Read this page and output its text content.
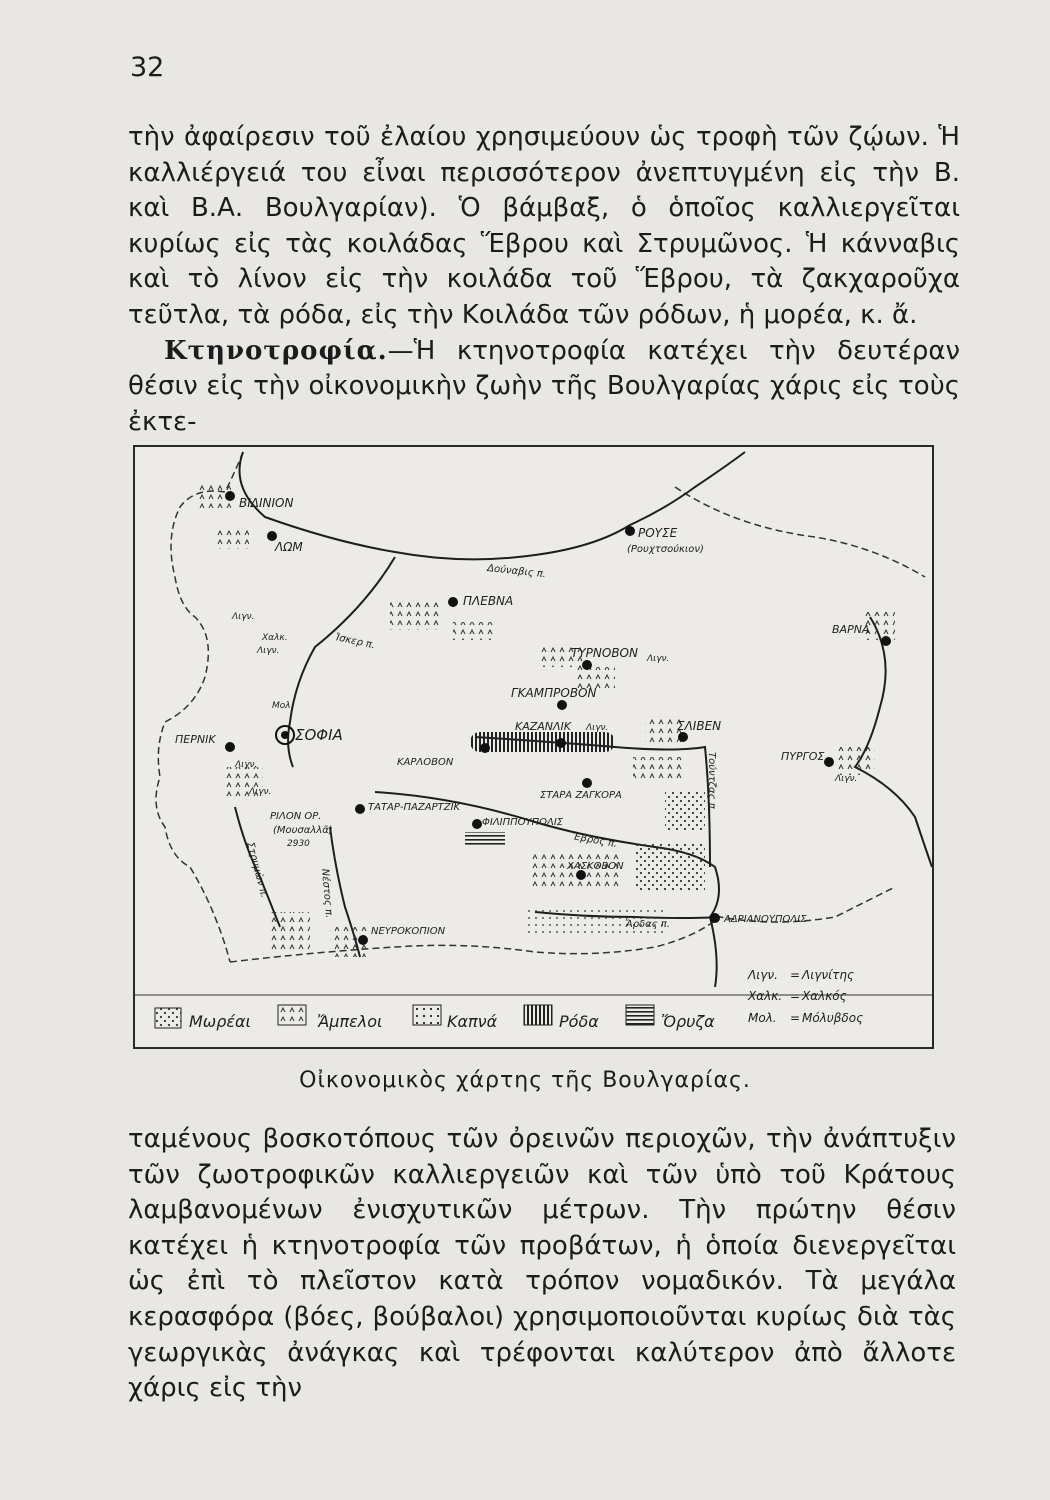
32

τὴν ἀφαίρεσιν τοῦ ἐλαίου χρησιμεύουν ὡς τροφὴ τῶν ζῴων. Ἡ καλλιέργειά του εἶναι περισσότερον ἀνεπτυγμένη εἰς τὴν Β. καὶ Β.Α. Βουλγαρίαν). Ὁ βάμβαξ, ὁ ὁποῖος καλλιεργεῖται κυρίως εἰς τὰς κοιλάδας Ἕβρου καὶ Στρυμῶνος. Ἡ κάνναβις καὶ τὸ λίνον εἰς τὴν κοιλάδα τοῦ Ἕβρου, τὰ ζακχαροῦχα τεῦτλα, τὰ ρόδα, εἰς τὴν Κοιλάδα τῶν ρόδων, ἡ μορέα, κ. ἄ.
Κτηνοτροφία.—Ἡ κτηνοτροφία κατέχει τὴν δευτέραν θέσιν εἰς τὴν οἰκονομικὴν ζωὴν τῆς Βουλγαρίας χάρις εἰς τοὺς ἐκτε-

ΒΙΔΙΝΙΟΝ
ΛΩΜ
ΡΟΥΣΕ
(Ρουχτσούκιον)
ΠΛΕΒΝΑ
ΒΑΡΝΑ
ΤΥΡΝΟΒΟΝ
ΓΚΑΜΠΡΟΒΟΝ
ΚΑΖΑΝΛΙΚ	ΣΛΙΒΕΝ
ΚΑΡΛΟΒΟΝ
ΣΟΦΙΑ
ΠΕΡΝΙΚ
ΠΥΡΓΟΣ
ΣΤΑΡΑ ΖΑΓΚΟΡΑ
ΤΑΤΑΡ-ΠΑΖΑΡΤΖΙΚ
ΦΙΛΙΠΠΟΥΠΟΛΙΣ
ΧΑΣΚΟΒΟΝ
ΑΔΡΙΑΝΟΥΠΟΛΙΣ
ΝΕΥΡΟΚΟΠΙΟΝ
ΡΙΛΟΝ ΟΡ.
(Μουσαλλᾶ)
2930
Δούναβις π.
Ἰσκερ π.
Στρυμὼν π.	Νέστος π.
Ἕβρος π.
Τούντζας π.
Ἄρδας π.
Λιγν.
Χαλκ.
Λιγν.
Λιγν.
Λιγν.
Μολ.
Λιγν.
Λιγν.
Λιγν.
Μωρέαι	Ἄμπελοι	Καπνά	Ρόδα	Ὄρυζα
Λιγν. = Λιγνίτης
Χαλκ. = Χαλκός
Μολ. = Μόλυβδος
Οἰκονομικὸς χάρτης τῆς Βουλγαρίας.

ταμένους βοσκοτόπους τῶν ὀρεινῶν περιοχῶν, τὴν ἀνάπτυξιν τῶν ζωοτροφικῶν καλλιεργειῶν καὶ τῶν ὑπὸ τοῦ Κράτους λαμβανομένων ἐνισχυτικῶν μέτρων. Τὴν πρώτην θέσιν κατέχει ἡ κτηνοτροφία τῶν προβάτων, ἡ ὁποία διενεργεῖται ὡς ἐπὶ τὸ πλεῖστον κατὰ τρόπον νομαδικόν. Τὰ μεγάλα κερασφόρα (βόες, βούβαλοι) χρησιμοποιοῦνται κυρίως διὰ τὰς γεωργικὰς ἀνάγκας καὶ τρέφονται καλύτερον ἀπὸ ἄλλοτε χάρις εἰς τὴν
